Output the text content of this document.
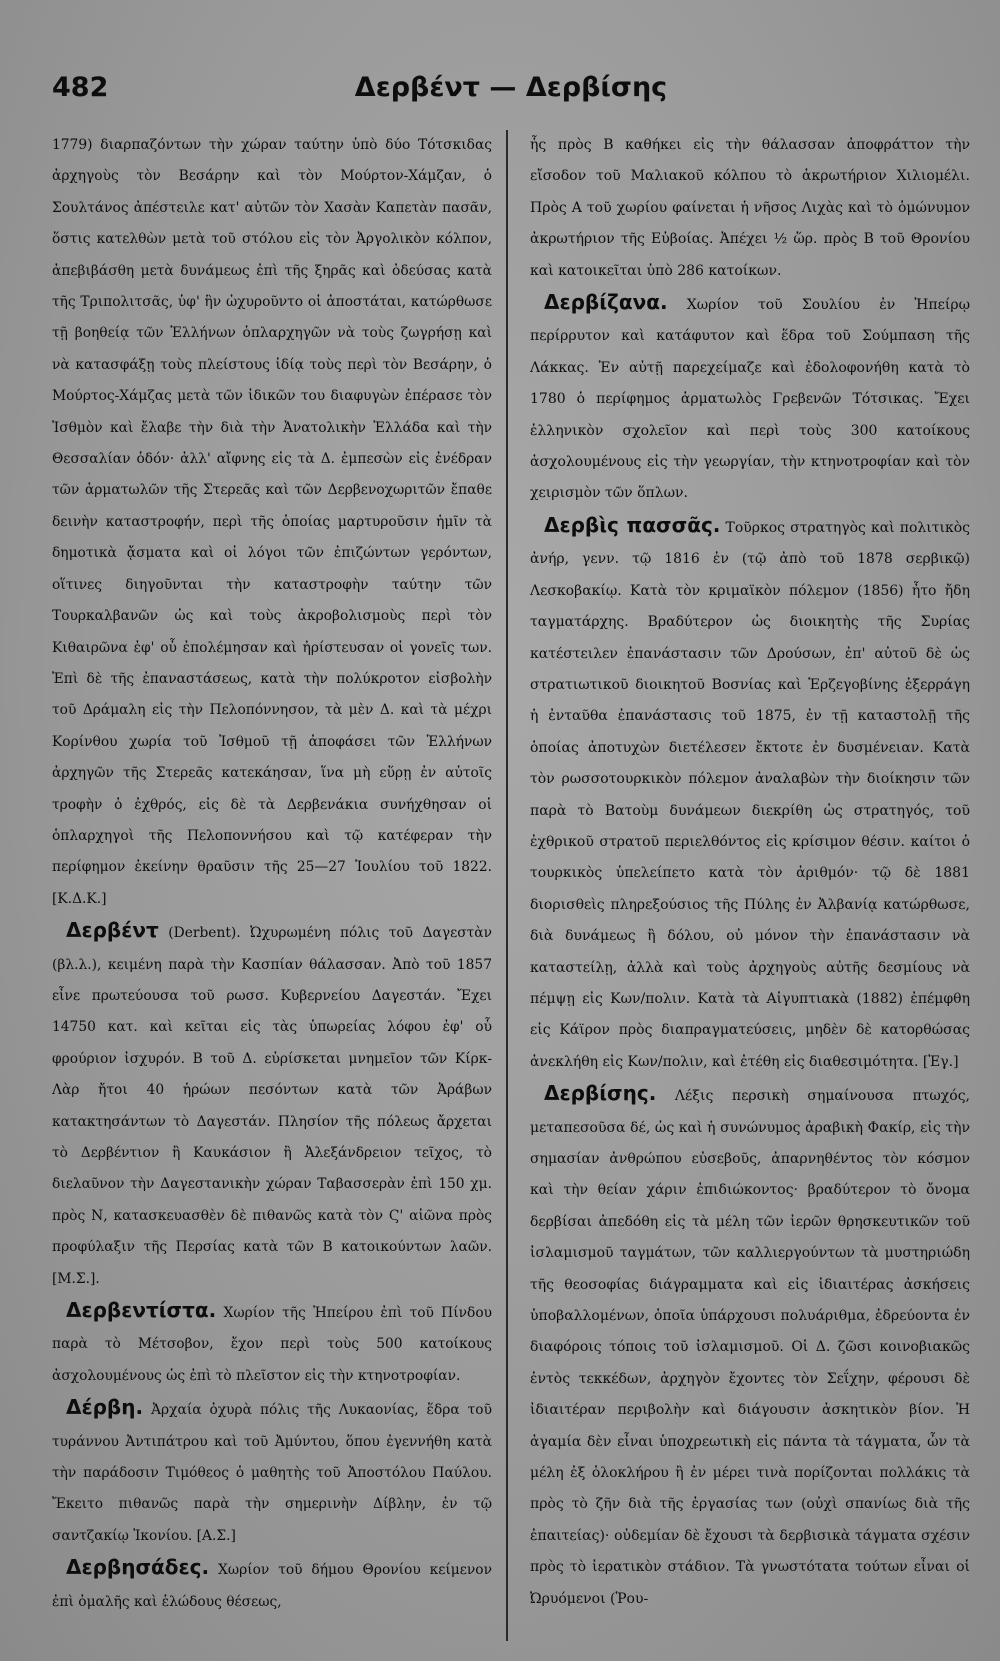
482	Δερβέντ — Δερβίσης

1779) διαρπαζόντων τὴν χώραν ταύτην ὑπὸ δύο Τότσκιδας ἀρχηγοὺς τὸν Βεσάρην καὶ τὸν Μούρτον-Χάμζαν, ὁ Σουλτάνος ἀπέστειλε κατ' αὐτῶν τὸν Χασὰν Καπετὰν πασᾶν, ὅστις κατελθὼν μετὰ τοῦ στόλου εἰς τὸν Ἀργολικὸν κόλπον, ἀπεβιβάσθη μετὰ δυνάμεως ἐπὶ τῆς ξηρᾶς καὶ ὁδεύσας κατὰ τῆς Τριπολιτσᾶς, ὑφ' ἣν ὠχυροῦντο οἱ ἀποστάται, κατώρθωσε τῇ βοηθείᾳ τῶν Ἑλλήνων ὁπλαρχηγῶν νὰ τοὺς ζωγρήσῃ καὶ νὰ κατασφάξῃ τοὺς πλείστους ἰδίᾳ τοὺς περὶ τὸν Βεσάρην, ὁ Μούρτος-Χάμζας μετὰ τῶν ἰδικῶν του διαφυγὼν ἐπέρασε τὸν Ἰσθμὸν καὶ ἔλαβε τὴν διὰ τὴν Ἀνατολικὴν Ἑλλάδα καὶ τὴν Θεσσαλίαν ὁδόν· ἀλλ' αἴφνης εἰς τὰ Δ. ἐμπεσὼν εἰς ἐνέδραν τῶν ἁρματωλῶν τῆς Στερεᾶς καὶ τῶν Δερβενοχωριτῶν ἔπαθε δεινὴν καταστροφήν, περὶ τῆς ὁποίας μαρτυροῦσιν ἡμῖν τὰ δημοτικὰ ᾄσματα καὶ οἱ λόγοι τῶν ἐπιζώντων γερόντων, οἵτινες διηγοῦνται τὴν καταστροφὴν ταύτην τῶν Τουρκαλβανῶν ὡς καὶ τοὺς ἀκροβολισμοὺς περὶ τὸν Κιθαιρῶνα ἐφ' οὗ ἐπολέμησαν καὶ ἠρίστευσαν οἱ γονεῖς των. Ἐπὶ δὲ τῆς ἐπαναστάσεως, κατὰ τὴν πολύκροτον εἰσβολὴν τοῦ Δράμαλη εἰς τὴν Πελοπόννησον, τὰ μὲν Δ. καὶ τὰ μέχρι Κορίνθου χωρία τοῦ Ἰσθμοῦ τῇ ἀποφάσει τῶν Ἑλλήνων ἀρχηγῶν τῆς Στερεᾶς κατεκάησαν, ἵνα μὴ εὕρῃ ἐν αὐτοῖς τροφὴν ὁ ἐχθρός, εἰς δὲ τὰ Δερβενάκια συνήχθησαν οἱ ὁπλαρχηγοὶ τῆς Πελοποννήσου καὶ τῷ κατέφεραν τὴν περίφημον ἐκείνην θραῦσιν τῆς 25—27 Ἰουλίου τοῦ 1822. [Κ.Δ.Κ.]

Δερβέντ (Derbent). Ὠχυρωμένη πόλις τοῦ Δαγεστὰν (βλ.λ.), κειμένη παρὰ τὴν Κασπίαν θάλασσαν. Ἀπὸ τοῦ 1857 εἶνε πρωτεύουσα τοῦ ρωσσ. Κυβερνείου Δαγεστάν. Ἔχει 14750 κατ. καὶ κεῖται εἰς τὰς ὑπωρείας λόφου ἐφ' οὗ φρούριον ἰσχυρόν. Β τοῦ Δ. εὑρίσκεται μνημεῖον τῶν Κίρκ-Λὰρ ἤτοι 40 ἡρώων πεσόντων κατὰ τῶν Ἀράβων κατακτησάντων τὸ Δαγεστάν. Πλησίον τῆς πόλεως ἄρχεται τὸ Δερβέντιον ἢ Καυκάσιον ἢ Ἀλεξάνδρειον τεῖχος, τὸ διελαῦνον τὴν Δαγεστανικὴν χώραν Ταβασσερὰν ἐπὶ 150 χμ. πρὸς Ν, κατασκευασθὲν δὲ πιθανῶς κατὰ τὸν Ϛ' αἰῶνα πρὸς προφύλαξιν τῆς Περσίας κατὰ τῶν Β κατοικούντων λαῶν. [Μ.Σ.].

Δερβεντίστα. Χωρίον τῆς Ἠπείρου ἐπὶ τοῦ Πίνδου παρὰ τὸ Μέτσοβον, ἔχον περὶ τοὺς 500 κατοίκους ἀσχολουμένους ὡς ἐπὶ τὸ πλεῖστον εἰς τὴν κτηνοτροφίαν.

Δέρβη. Ἀρχαία ὀχυρὰ πόλις τῆς Λυκαονίας, ἕδρα τοῦ τυράννου Ἀντιπάτρου καὶ τοῦ Ἀμύντου, ὅπου ἐγεννήθη κατὰ τὴν παράδοσιν Τιμόθεος ὁ μαθητὴς τοῦ Ἀποστόλου Παύλου. Ἔκειτο πιθανῶς παρὰ τὴν σημερινὴν Δίβλην, ἐν τῷ σαντζακίῳ Ἰκονίου. [Α.Σ.]

Δερβησάδες. Χωρίον τοῦ δήμου Θρονίου κείμενον ἐπὶ ὁμαλῆς καὶ ἑλώδους θέσεως,

ἧς πρὸς Β καθήκει εἰς τὴν θάλασσαν ἀποφράττον τὴν εἴσοδον τοῦ Μαλιακοῦ κόλπου τὸ ἀκρωτήριον Χιλιομέλι. Πρὸς Α τοῦ χωρίου φαίνεται ἡ νῆσος Λιχὰς καὶ τὸ ὁμώνυμον ἀκρωτήριον τῆς Εὐβοίας. Ἀπέχει ½ ὥρ. πρὸς Β τοῦ Θρονίου καὶ κατοικεῖται ὑπὸ 286 κατοίκων.

Δερβίζανα. Χωρίον τοῦ Σουλίου ἐν Ἠπείρῳ περίρρυτον καὶ κατάφυτον καὶ ἕδρα τοῦ Σούμπαση τῆς Λάκκας. Ἐν αὐτῇ παρεχείμαζε καὶ ἐδολοφονήθη κατὰ τὸ 1780 ὁ περίφημος ἁρματωλὸς Γρεβενῶν Τότσικας. Ἔχει ἑλληνικὸν σχολεῖον καὶ περὶ τοὺς 300 κατοίκους ἀσχολουμένους εἰς τὴν γεωργίαν, τὴν κτηνοτροφίαν καὶ τὸν χειρισμὸν τῶν ὅπλων.

Δερβὶς πασσᾶς. Τοῦρκος στρατηγὸς καὶ πολιτικὸς ἀνήρ, γενν. τῷ 1816 ἐν (τῷ ἀπὸ τοῦ 1878 σερβικῷ) Λεσκοβακίῳ. Κατὰ τὸν κριμαϊκὸν πόλεμον (1856) ἦτο ἤδη ταγματάρχης. Βραδύτερον ὡς διοικητὴς τῆς Συρίας κατέστειλεν ἐπανάστασιν τῶν Δρούσων, ἐπ' αὐτοῦ δὲ ὡς στρατιωτικοῦ διοικητοῦ Βοσνίας καὶ Ἑρζεγοβίνης ἐξερράγη ἡ ἐνταῦθα ἐπανάστασις τοῦ 1875, ἐν τῇ καταστολῇ τῆς ὁποίας ἀποτυχὼν διετέλεσεν ἔκτοτε ἐν δυσμένειαν. Κατὰ τὸν ρωσσοτουρκικὸν πόλεμον ἀναλαβὼν τὴν διοίκησιν τῶν παρὰ τὸ Βατοὺμ δυνάμεων διεκρίθη ὡς στρατηγός, τοῦ ἐχθρικοῦ στρατοῦ περιελθόντος εἰς κρίσιμον θέσιν. καίτοι ὁ τουρκικὸς ὑπελείπετο κατὰ τὸν ἀριθμόν· τῷ δὲ 1881 διορισθεὶς πληρεξούσιος τῆς Πύλης ἐν Ἀλβανίᾳ κατώρθωσε, διὰ δυνάμεως ἢ δόλου, οὐ μόνον τὴν ἐπανάστασιν νὰ καταστείλῃ, ἀλλὰ καὶ τοὺς ἀρχηγοὺς αὐτῆς δεσμίους νὰ πέμψῃ εἰς Κων/πολιν. Κατὰ τὰ Αἰγυπτιακὰ (1882) ἐπέμφθη εἰς Κάϊρον πρὸς διαπραγματεύσεις, μηδὲν δὲ κατορθώσας ἀνεκλήθη εἰς Κων/πολιν, καὶ ἐτέθη εἰς διαθεσιμότητα. [Ἐγ.]

Δερβίσης. Λέξις περσικὴ σημαίνουσα πτωχός, μεταπεσοῦσα δέ, ὡς καὶ ἡ συνώνυμος ἀραβικὴ Φακίρ, εἰς τὴν σημασίαν ἀνθρώπου εὐσεβοῦς, ἀπαρνηθέντος τὸν κόσμον καὶ τὴν θείαν χάριν ἐπιδιώκοντος· βραδύτερον τὸ ὄνομα δερβίσαι ἀπεδόθη εἰς τὰ μέλη τῶν ἱερῶν θρησκευτικῶν τοῦ ἰσλαμισμοῦ ταγμάτων, τῶν καλλιεργούντων τὰ μυστηριώδη τῆς θεοσοφίας διάγραμματα καὶ εἰς ἰδιαιτέρας ἀσκήσεις ὑποβαλλομένων, ὁποῖα ὑπάρχουσι πολυάριθμα, ἑδρεύοντα ἐν διαφόροις τόποις τοῦ ἰσλαμισμοῦ. Οἱ Δ. ζῶσι κοινοβιακῶς ἐντὸς τεκκέδων, ἀρχηγὸν ἔχοντες τὸν Σεΐχην, φέρουσι δὲ ἰδιαιτέραν περιβολὴν καὶ διάγουσιν ἀσκητικὸν βίον. Ἡ ἀγαμία δὲν εἶναι ὑποχρεωτικὴ εἰς πάντα τὰ τάγματα, ὧν τὰ μέλη ἐξ ὁλοκλήρου ἢ ἐν μέρει τινὰ πορίζονται πολλάκις τὰ πρὸς τὸ ζῆν διὰ τῆς ἐργασίας των (οὐχὶ σπανίως διὰ τῆς ἐπαιτείας)· οὐδεμίαν δὲ ἔχουσι τὰ δερβισικὰ τάγματα σχέσιν πρὸς τὸ ἱερατικὸν στάδιον. Τὰ γνωστότατα τούτων εἶναι οἱ Ὠρυόμενοι (Ῥου-
